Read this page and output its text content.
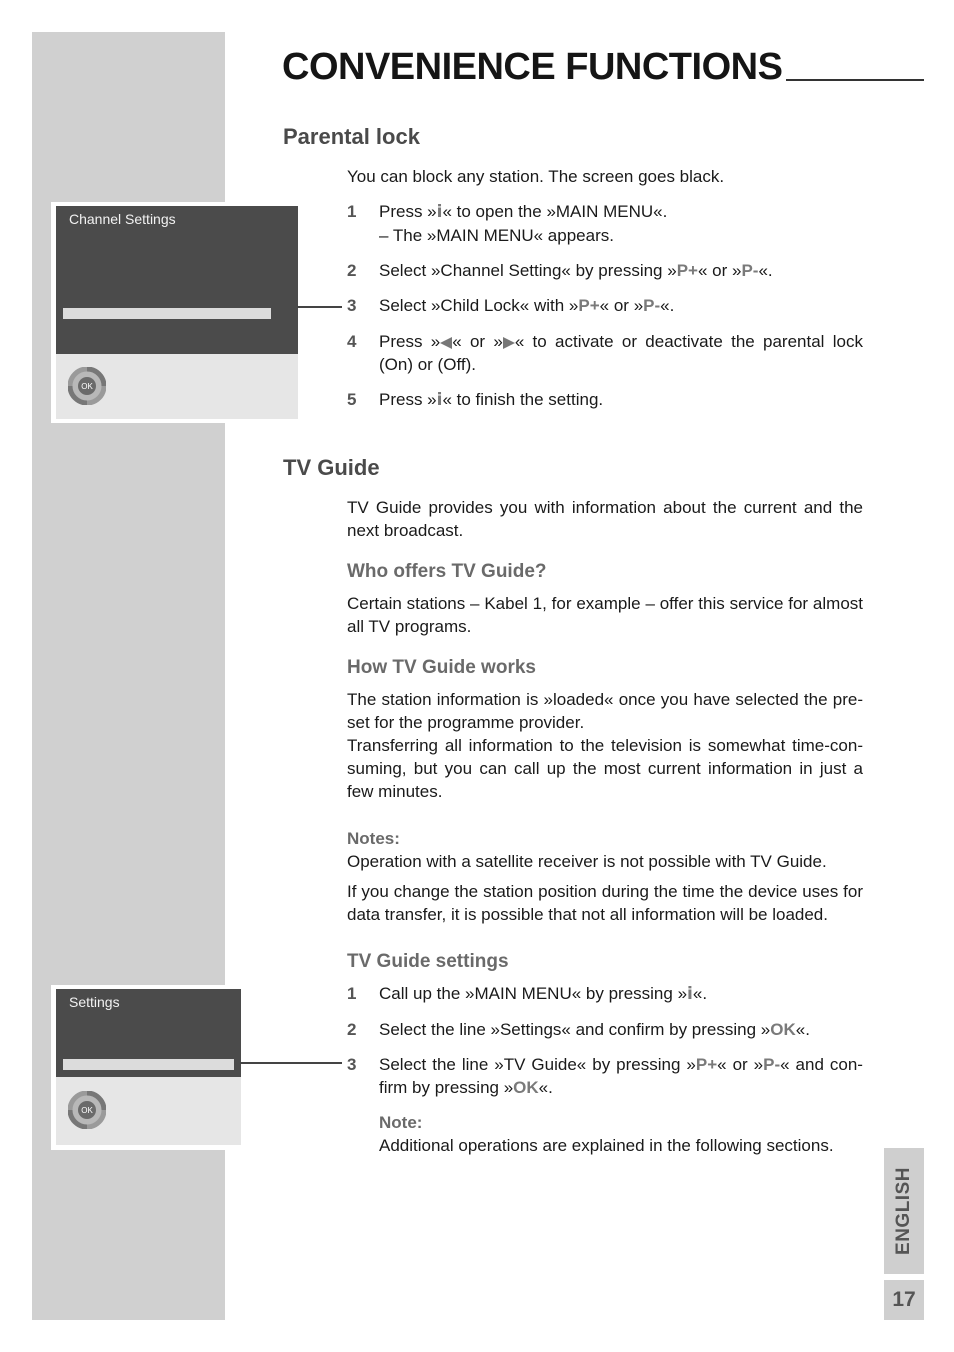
CONVENIENCE FUNCTIONS
Channel Settings
OK
Settings
OK
Parental lock

You can block any station. The screen goes black.

1 Press »i« to open the »MAIN MENU«.
– The »MAIN MENU« appears.
2 Select »Channel Setting« by pressing »P+« or »P-«.
3 Select »Child Lock« with »P+« or »P-«.
4 Press » « or » « to activate or deactivate the parental lock (On) or (Off).
5 Press »i« to finish the setting.
TV Guide

TV Guide provides you with information about the current and the next broadcast.

Who offers TV Guide?

Certain stations – Kabel 1, for example – offer this service for almost all TV programs.

How TV Guide works

The station information is »loaded« once you have selected the pre-set for the programme provider.

Transferring all information to the television is somewhat time-con-suming, but you can call up the most current information in just a few minutes.

Notes:

Operation with a satellite receiver is not possible with TV Guide.

If you change the station position during the time the device uses for data transfer, it is possible that not all information will be loaded.

TV Guide settings
1 Call up the »MAIN MENU« by pressing »i«.
2 Select the line »Settings« and confirm by pressing »OK«.
3 Select the line »TV Guide« by pressing »P+« or »P-« and con-firm by pressing »OK«.

Note:

Additional operations are explained in the following sections.

ENGLISH
17
